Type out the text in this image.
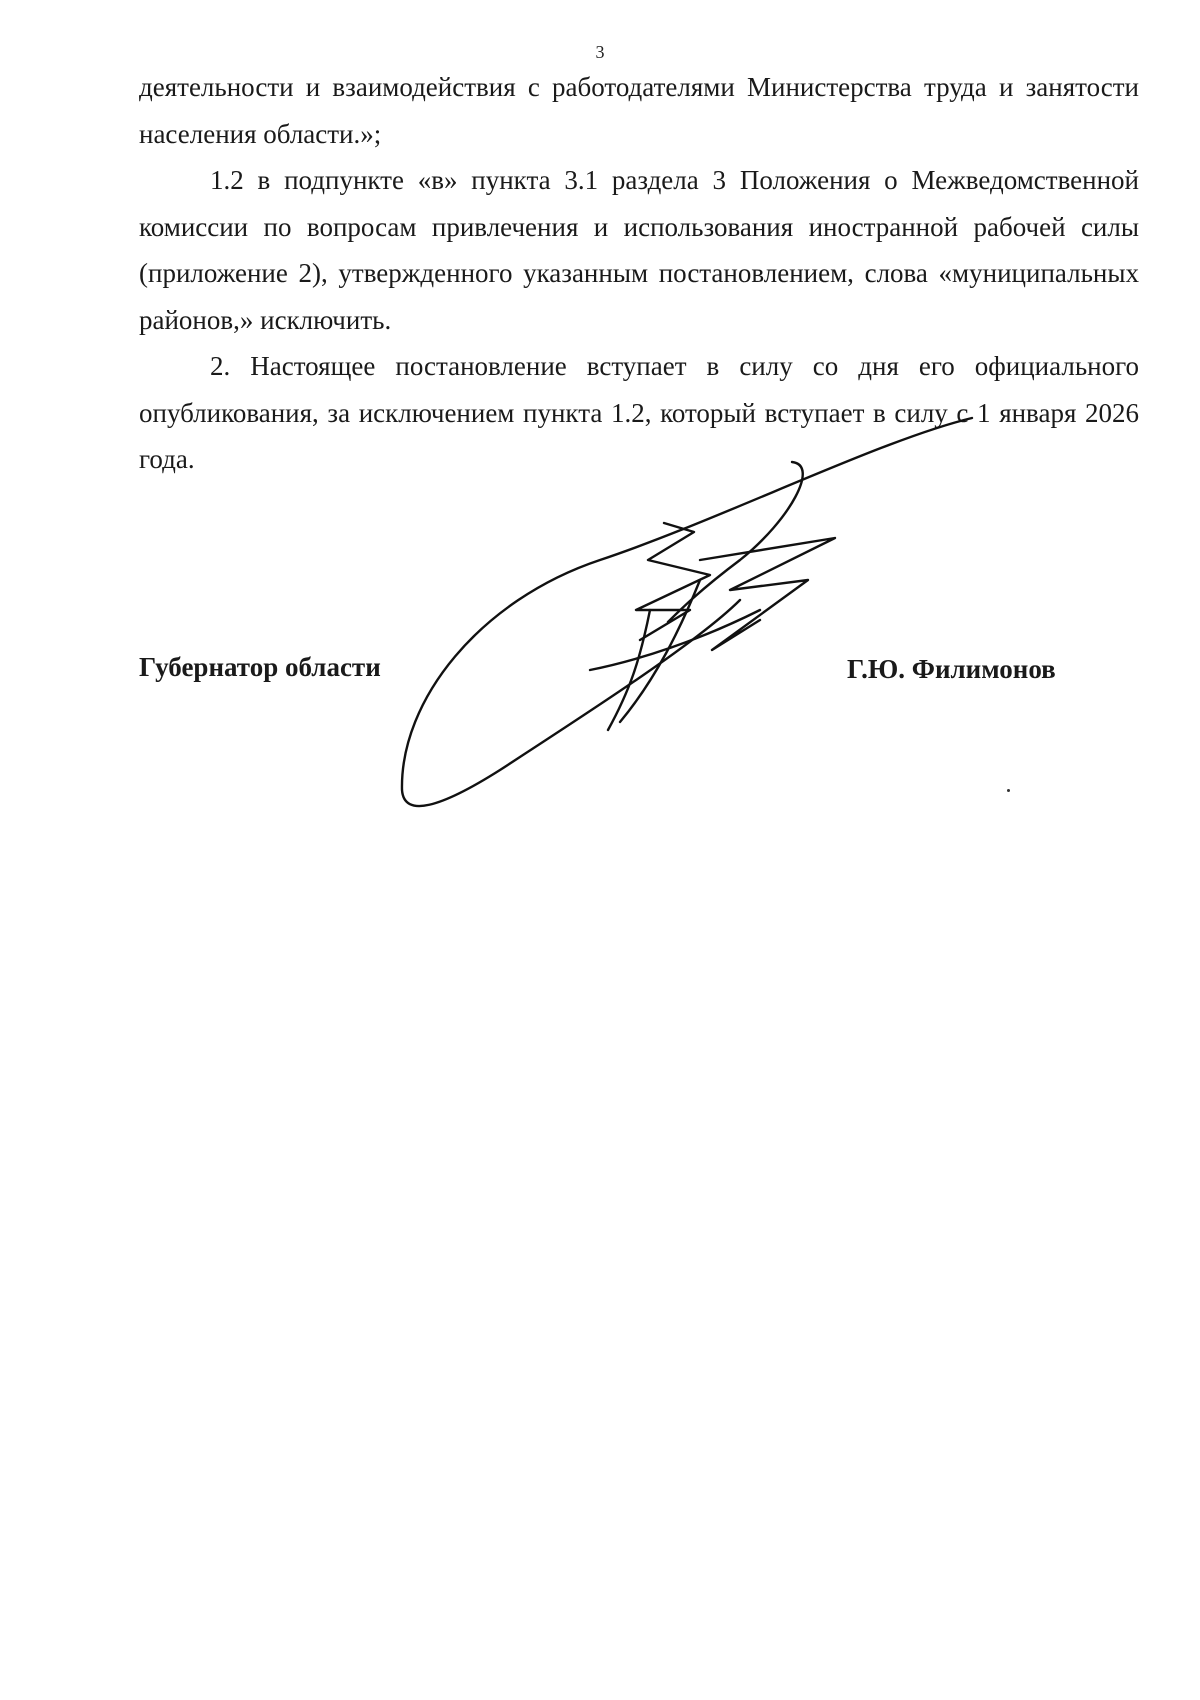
3

деятельности и взаимодействия с работодателями Министерства труда и занятости населения области.»;

1.2 в подпункте «в» пункта 3.1 раздела 3 Положения о Межведомственной комиссии по вопросам привлечения и использования иностранной рабочей силы (приложение 2), утвержденного указанным постановлением, слова «муниципальных районов,» исключить.

2. Настоящее постановление вступает в силу со дня его официального опубликования, за исключением пункта 1.2, который вступает в силу с 1 января 2026 года.

Губернатор области	Г.Ю. Филимонов
